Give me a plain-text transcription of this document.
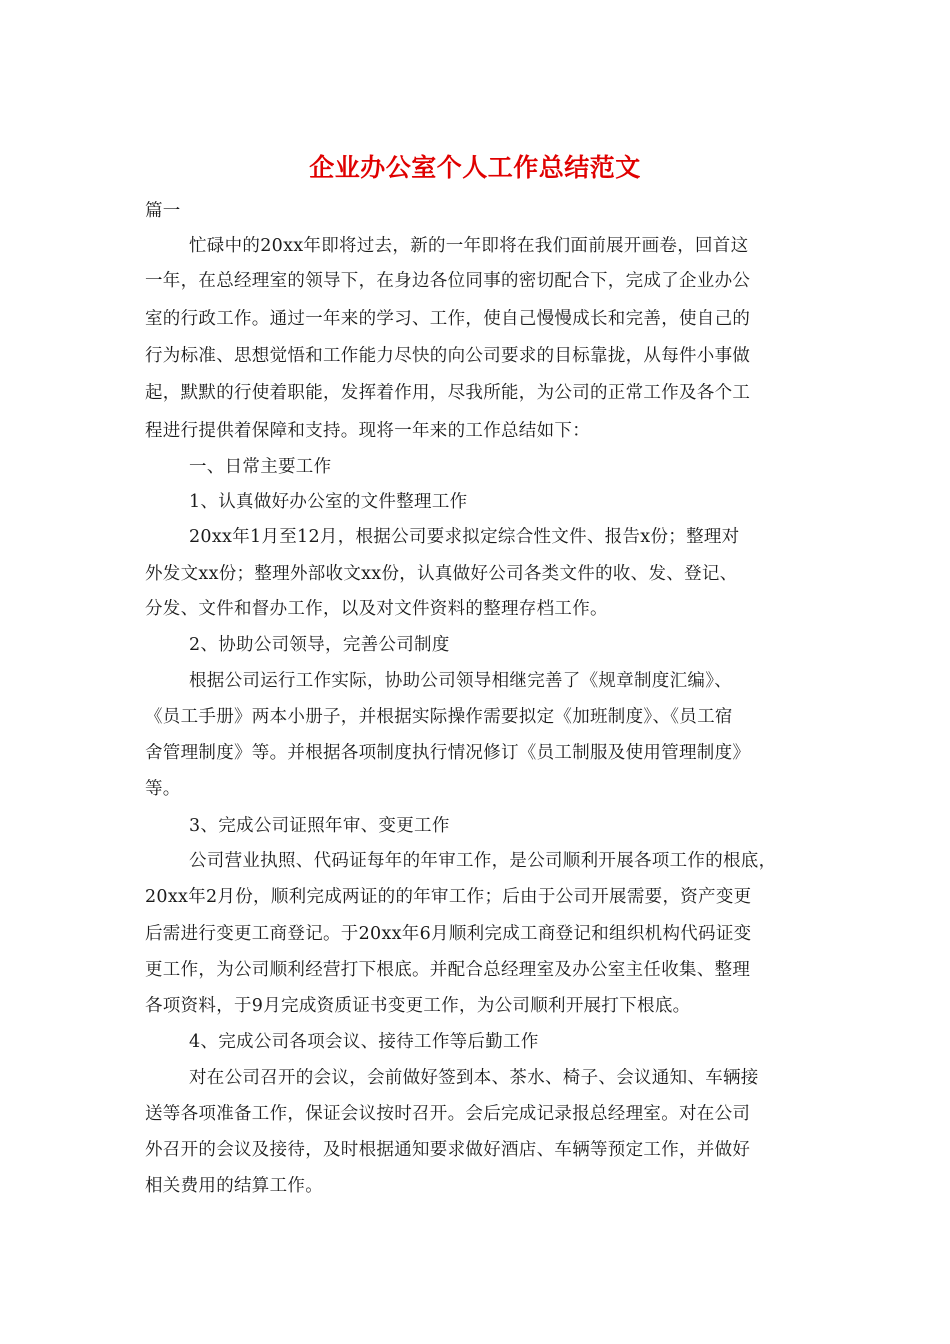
企业办公室个人工作总结范文
篇一
忙碌中的20xx年即将过去，新的一年即将在我们面前展开画卷，回首这
一年，在总经理室的领导下，在身边各位同事的密切配合下，完成了企业办公
室的行政工作。通过一年来的学习、工作，使自己慢慢成长和完善，使自己的
行为标准、思想觉悟和工作能力尽快的向公司要求的目标靠拢，从每件小事做
起，默默的行使着职能，发挥着作用，尽我所能，为公司的正常工作及各个工
程进行提供着保障和支持。现将一年来的工作总结如下：
一、日常主要工作
1、认真做好办公室的文件整理工作
20xx年1月至12月，根据公司要求拟定综合性文件、报告x份；整理对
外发文xx份；整理外部收文xx份，认真做好公司各类文件的收、发、登记、
分发、文件和督办工作，以及对文件资料的整理存档工作。
2、协助公司领导，完善公司制度
根据公司运行工作实际，协助公司领导相继完善了《规章制度汇编》、
《员工手册》两本小册子，并根据实际操作需要拟定《加班制度》、《员工宿
舍管理制度》等。并根据各项制度执行情况修订《员工制服及使用管理制度》
等。
3、完成公司证照年审、变更工作
公司营业执照、代码证每年的年审工作，是公司顺利开展各项工作的根底，
20xx年2月份，顺利完成两证的的年审工作；后由于公司开展需要，资产变更
后需进行变更工商登记。于20xx年6月顺利完成工商登记和组织机构代码证变
更工作，为公司顺利经营打下根底。并配合总经理室及办公室主任收集、整理
各项资料，于9月完成资质证书变更工作，为公司顺利开展打下根底。
4、完成公司各项会议、接待工作等后勤工作
对在公司召开的会议，会前做好签到本、茶水、椅子、会议通知、车辆接
送等各项准备工作，保证会议按时召开。会后完成记录报总经理室。对在公司
外召开的会议及接待，及时根据通知要求做好酒店、车辆等预定工作，并做好
相关费用的结算工作。
